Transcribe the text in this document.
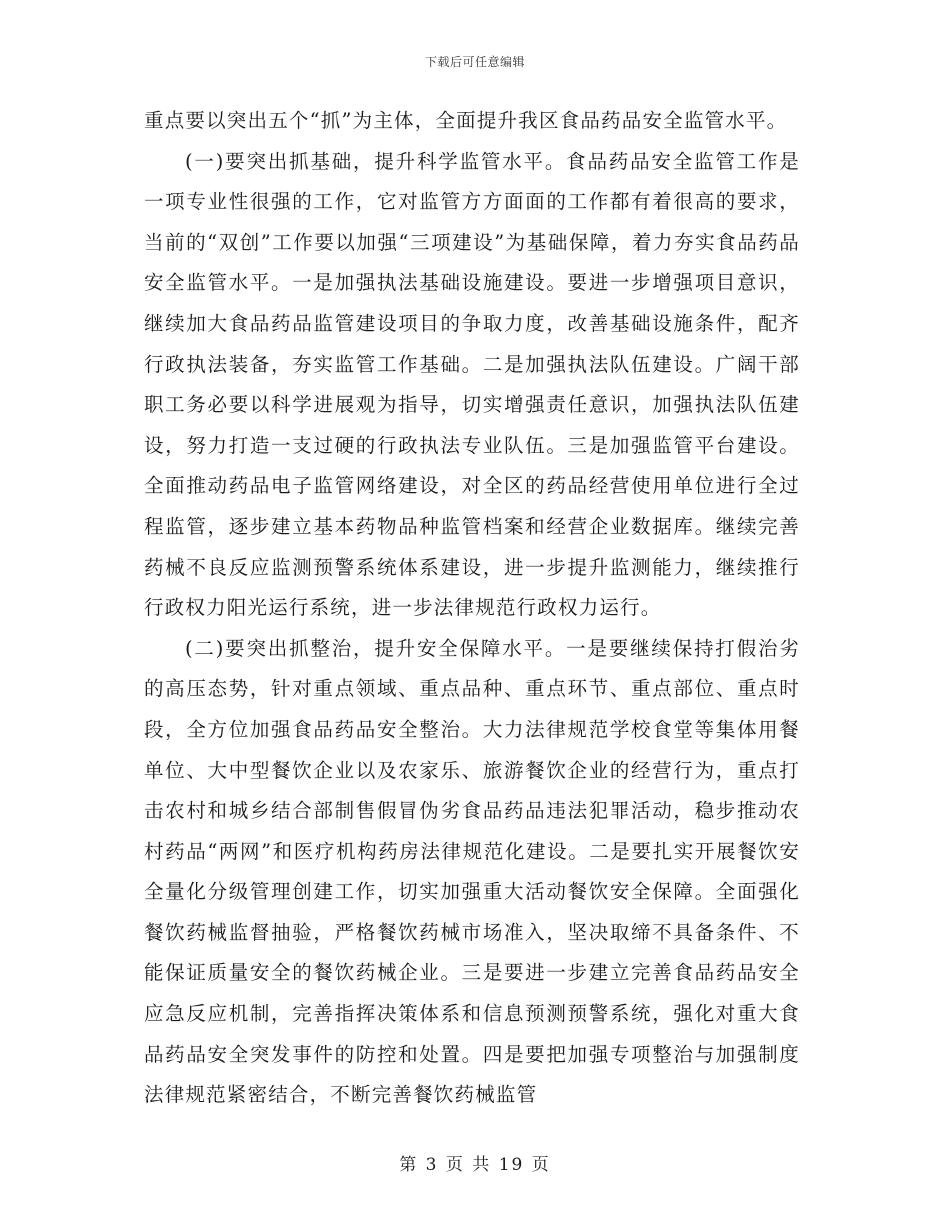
下载后可任意编辑

重点要以突出五个“抓”为主体，全面提升我区食品药品安全监管水平。

(一)要突出抓基础，提升科学监管水平。食品药品安全监管工作是一项专业性很强的工作，它对监管方方面面的工作都有着很高的要求，当前的“双创”工作要以加强“三项建设”为基础保障，着力夯实食品药品安全监管水平。一是加强执法基础设施建设。要进一步增强项目意识，继续加大食品药品监管建设项目的争取力度，改善基础设施条件，配齐行政执法装备，夯实监管工作基础。二是加强执法队伍建设。广阔干部职工务必要以科学进展观为指导，切实增强责任意识，加强执法队伍建设，努力打造一支过硬的行政执法专业队伍。三是加强监管平台建设。全面推动药品电子监管网络建设，对全区的药品经营使用单位进行全过程监管，逐步建立基本药物品种监管档案和经营企业数据库。继续完善药械不良反应监测预警系统体系建设，进一步提升监测能力，继续推行行政权力阳光运行系统，进一步法律规范行政权力运行。

(二)要突出抓整治，提升安全保障水平。一是要继续保持打假治劣的高压态势，针对重点领域、重点品种、重点环节、重点部位、重点时段，全方位加强食品药品安全整治。大力法律规范学校食堂等集体用餐单位、大中型餐饮企业以及农家乐、旅游餐饮企业的经营行为，重点打击农村和城乡结合部制售假冒伪劣食品药品违法犯罪活动，稳步推动农村药品“两网”和医疗机构药房法律规范化建设。二是要扎实开展餐饮安全量化分级管理创建工作，切实加强重大活动餐饮安全保障。全面强化餐饮药械监督抽验，严格餐饮药械市场准入，坚决取缔不具备条件、不能保证质量安全的餐饮药械企业。三是要进一步建立完善食品药品安全应急反应机制，完善指挥决策体系和信息预测预警系统，强化对重大食品药品安全突发事件的防控和处置。四是要把加强专项整治与加强制度法律规范紧密结合，不断完善餐饮药械监管

第 3 页 共 19 页
